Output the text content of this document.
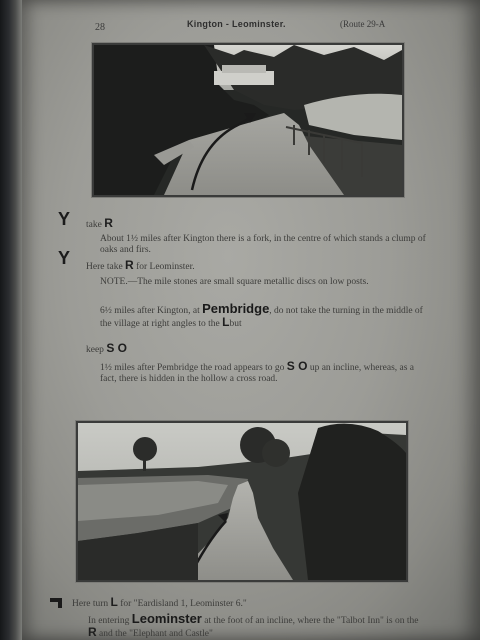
28	Kington - Leominster.	(Route 29-A
Y take R
About 1½ miles after Kington there is a fork, in the centre of which stands a clump of oaks and firs.
Y Here take R for Leominster.
NOTE.—The mile stones are small square metallic discs on low posts.
6½ miles after Kington, at Pembridge, do not take the turning in the middle of the village at right angles to the Lbut
keep S O
1½ miles after Pembridge the road appears to go S O up an incline, whereas, as a fact, there is hidden in the hollow a cross road.
Here turn L for "Eardisland 1, Leominster 6."
In entering Leominster at the foot of an incline, where the "Talbot Inn" is on the R and the "Elephant and Castle"
